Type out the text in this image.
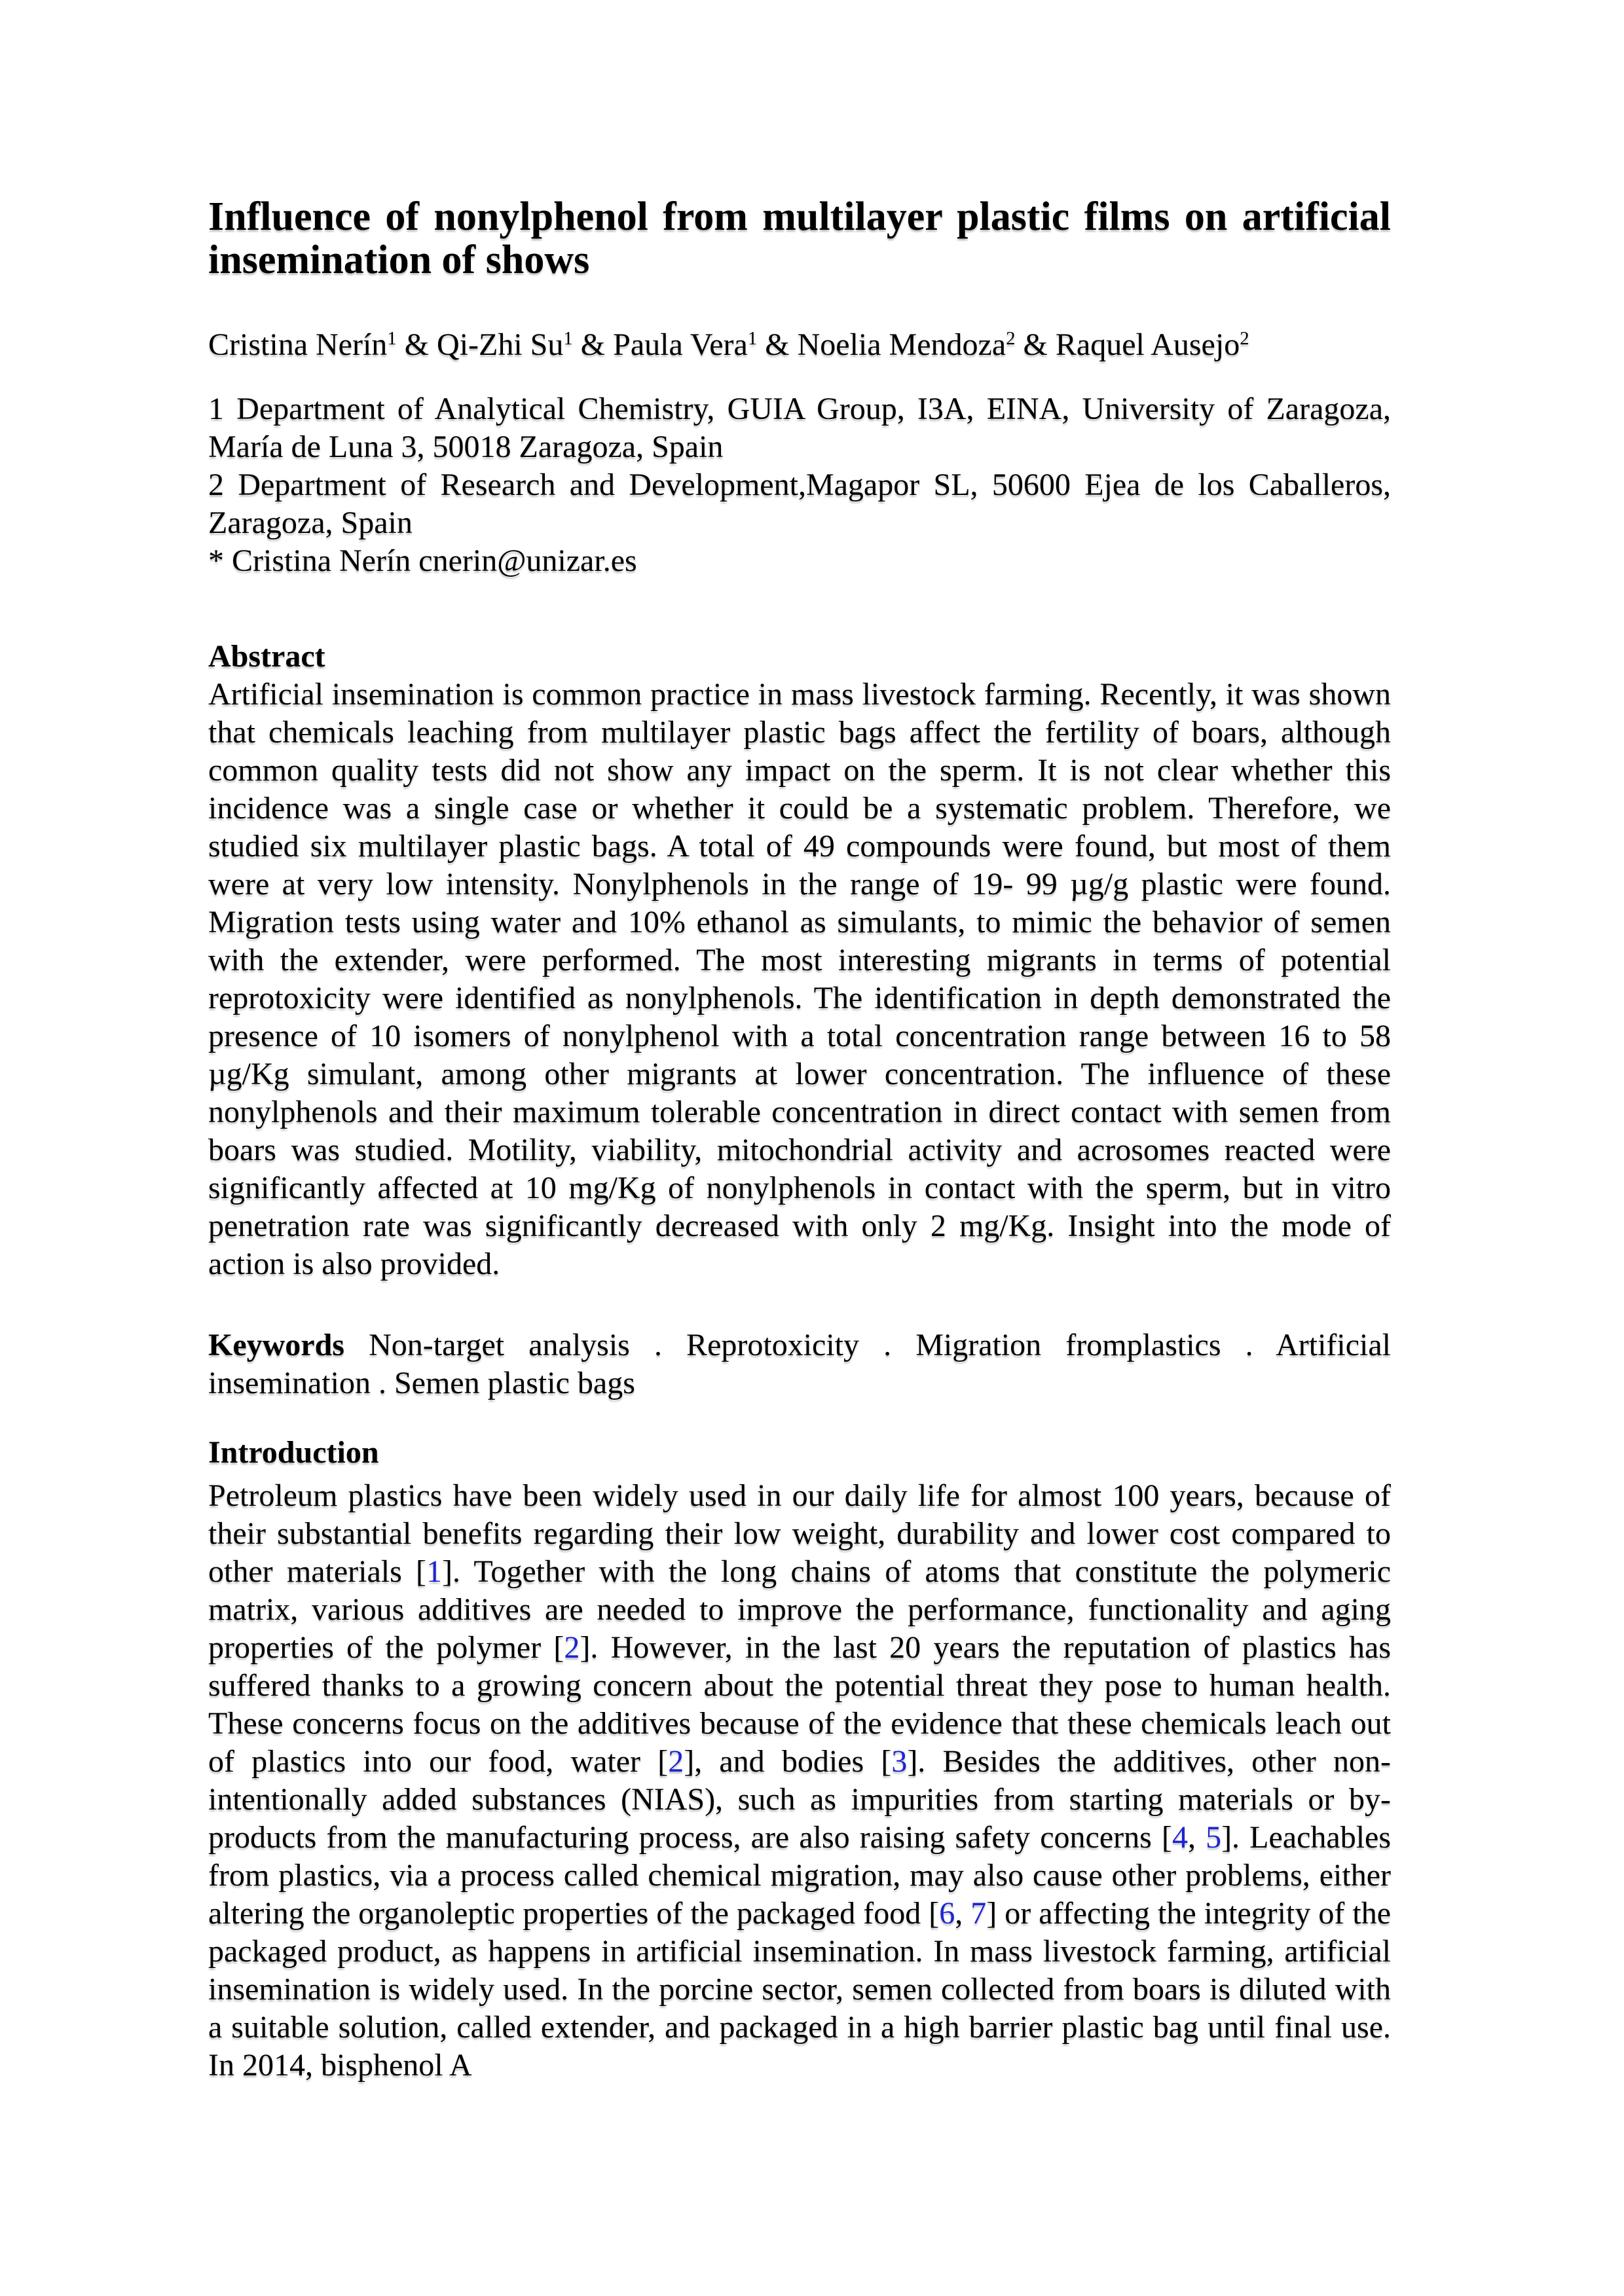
Influence of nonylphenol from multilayer plastic films on artificial insemination of shows

Cristina Nerín$^1$ & Qi-Zhi Su$^1$ & Paula Vera$^1$ & Noelia Mendoza$^2$ & Raquel Ausejo$^2$

1 Department of Analytical Chemistry, GUIA Group, I3A, EINA, University of Zaragoza, María de Luna 3, 50018 Zaragoza, Spain

2 Department of Research and Development,Magapor SL, 50600 Ejea de los Caballeros, Zaragoza, Spain

* Cristina Nerín cnerin@unizar.es

Abstract

Artificial insemination is common practice in mass livestock farming. Recently, it was shown that chemicals leaching from multilayer plastic bags affect the fertility of boars, although common quality tests did not show any impact on the sperm. It is not clear whether this incidence was a single case or whether it could be a systematic problem. Therefore, we studied six multilayer plastic bags. A total of 49 compounds were found, but most of them were at very low intensity. Nonylphenols in the range of 19- 99 µg/g plastic were found. Migration tests using water and 10% ethanol as simulants, to mimic the behavior of semen with the extender, were performed. The most interesting migrants in terms of potential reprotoxicity were identified as nonylphenols. The identification in depth demonstrated the presence of 10 isomers of nonylphenol with a total concentration range between 16 to 58 µg/Kg simulant, among other migrants at lower concentration. The influence of these nonylphenols and their maximum tolerable concentration in direct contact with semen from boars was studied. Motility, viability, mitochondrial activity and acrosomes reacted were significantly affected at 10 mg/Kg of nonylphenols in contact with the sperm, but in vitro penetration rate was significantly decreased with only 2 mg/Kg. Insight into the mode of action is also provided.

Keywords Non-target analysis . Reprotoxicity . Migration fromplastics . Artificial insemination . Semen plastic bags

Introduction

Petroleum plastics have been widely used in our daily life for almost 100 years, because of their substantial benefits regarding their low weight, durability and lower cost compared to other materials [1]. Together with the long chains of atoms that constitute the polymeric matrix, various additives are needed to improve the performance, functionality and aging properties of the polymer [2]. However, in the last 20 years the reputation of plastics has suffered thanks to a growing concern about the potential threat they pose to human health. These concerns focus on the additives because of the evidence that these chemicals leach out of plastics into our food, water [2], and bodies [3]. Besides the additives, other non-intentionally added substances (NIAS), such as impurities from starting materials or by-products from the manufacturing process, are also raising safety concerns [4, 5]. Leachables from plastics, via a process called chemical migration, may also cause other problems, either altering the organoleptic properties of the packaged food [6, 7] or affecting the integrity of the packaged product, as happens in artificial insemination. In mass livestock farming, artificial insemination is widely used. In the porcine sector, semen collected from boars is diluted with a suitable solution, called extender, and packaged in a high barrier plastic bag until final use. In 2014, bisphenol A
